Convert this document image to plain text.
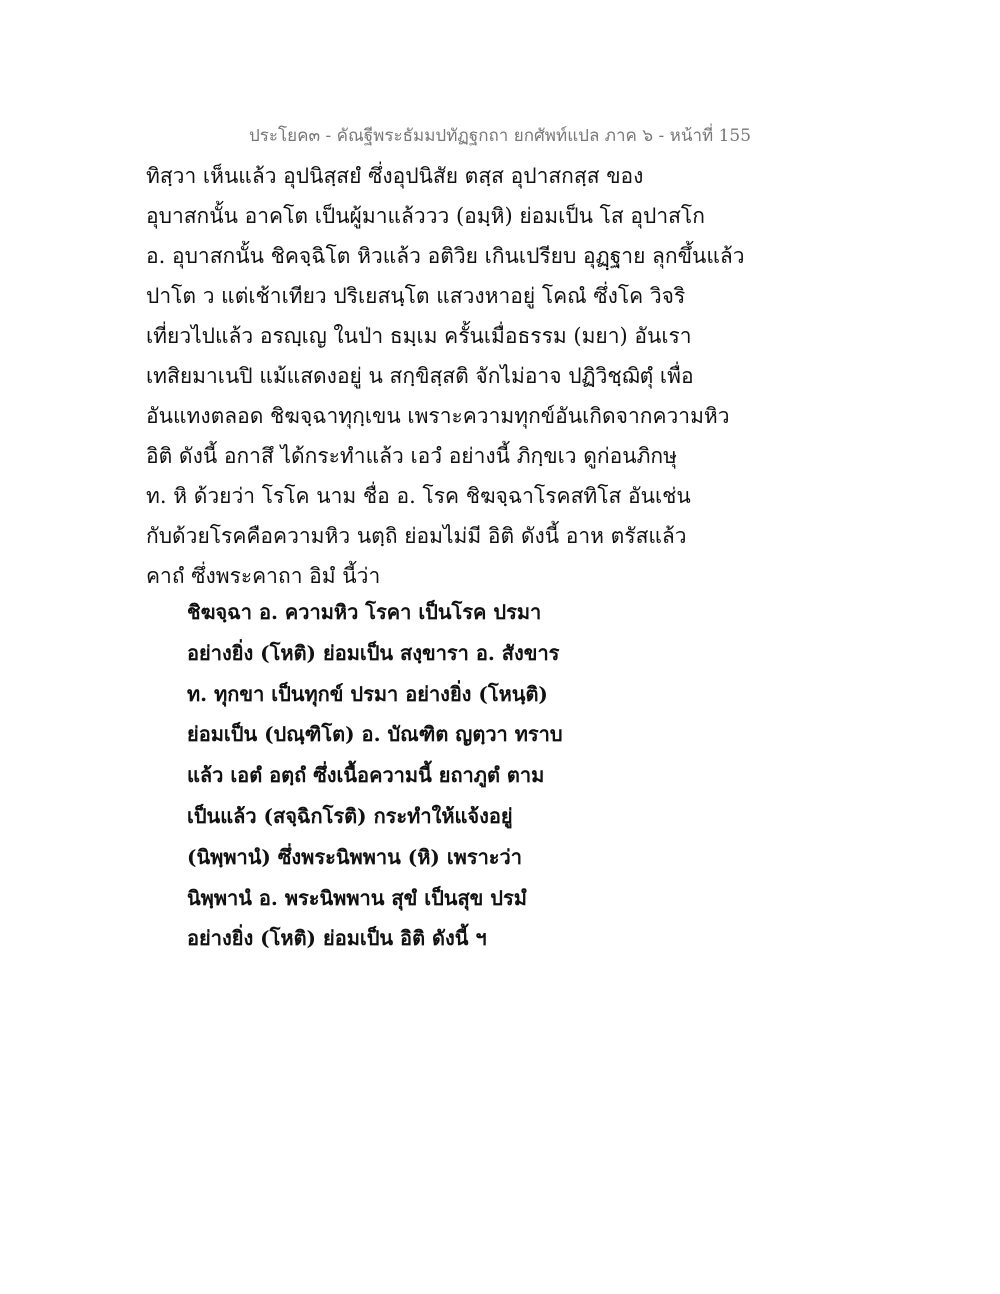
ประโยค๓ - คัณฐีพระธัมมปทัฏฐกถา ยกศัพท์แปล ภาค ๖ - หน้าที่ 155
ทิสฺวา เห็นแล้ว อุปนิสฺสยํ ซึ่งอุปนิสัย ตสฺส อุปาสกสฺส ของ
อุบาสกนั้น อาคโต เป็นผู้มาแล้ววว (อมฺหิ) ย่อมเป็น โส อุปาสโก
อ. อุบาสกนั้น ชิคจฺฉิโต หิวแล้ว อติวิย เกินเปรียบ อุฏฺฐาย ลุกขึ้นแล้ว
ปาโต ว แต่เช้าเทียว ปริเยสนฺโต แสวงหาอยู่ โคณํ ซึ่งโค วิจริ
เที่ยวไปแล้ว อรญฺเญ ในป่า ธมฺเม ครั้นเมื่อธรรม (มยา) อันเรา
เทสิยมาเนปิ แม้แสดงอยู่ น สกฺขิสฺสติ จักไม่อาจ ปฏิวิชฺฌิตุํ เพื่อ
อันแทงตลอด ชิฆจฺฉาทุกฺเขน เพราะความทุกข์อันเกิดจากความหิว
อิติ ดังนี้ อกาสึ ได้กระทำแล้ว เอวํ อย่างนี้ ภิกฺขเว ดูก่อนภิกษุ
ท. หิ ด้วยว่า โรโค นาม ชื่อ อ. โรค ชิฆจฺฉาโรคสทิโส อันเช่น
กับด้วยโรคคือความหิว นตฺถิ ย่อมไม่มี อิติ ดังนี้ อาห ตรัสแล้ว
คาถํ ซึ่งพระคาถา อิมํ นี้ว่า
ชิฆจฺฉา อ. ความหิว โรคา เป็นโรค ปรมา
อย่างยิ่ง (โหติ) ย่อมเป็น สงฺขารา อ. สังขาร
ท. ทุกขา เป็นทุกข์ ปรมา อย่างยิ่ง (โหนฺติ)
ย่อมเป็น (ปณฺฑิโต) อ. บัณฑิต ญตฺวา ทราบ
แล้ว เอตํ อตฺถํ ซึ่งเนื้อความนี้ ยถาภูตํ ตาม
เป็นแล้ว (สจฺฉิกโรติ) กระทำให้แจ้งอยู่
(นิพฺพานํ) ซึ่งพระนิพพาน (หิ) เพราะว่า
นิพฺพานํ อ. พระนิพพาน สุขํ เป็นสุข ปรมํ
อย่างยิ่ง (โหติ) ย่อมเป็น อิติ ดังนี้ ฯ
